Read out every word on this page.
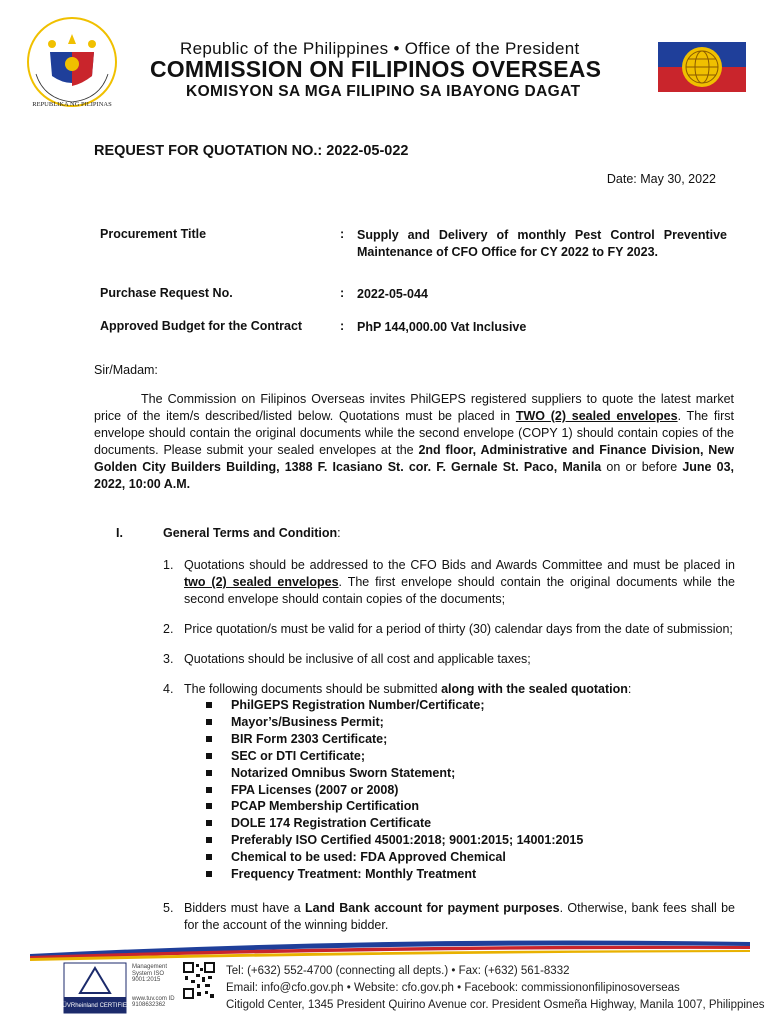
REPUBLIKA NG PILIPINAS
Republic of the Philippines • Office of the President
COMMISSION ON FILIPINOS OVERSEAS
KOMISYON SA MGA FILIPINO SA IBAYONG DAGAT
REQUEST FOR QUOTATION NO.: 2022-05-022
Date: May 30, 2022
Procurement Title	: Supply and Delivery of monthly Pest Control Preventive
Maintenance of CFO Office for CY 2022 to FY 2023.
Purchase Request No.	: 2022-05-044
Approved Budget for the Contract	: PhP 144,000.00 Vat Inclusive
Sir/Madam:
The Commission on Filipinos Overseas invites PhilGEPS registered suppliers to quote the latest market price of the item/s described/listed below. Quotations must be placed in TWO (2) sealed envelopes. The first envelope should contain the original documents while the second envelope (COPY 1) should contain copies of the documents. Please submit your sealed envelopes at the 2nd floor, Administrative and Finance Division, New Golden City Builders Building, 1388 F. Icasiano St. cor. F. Gernale St. Paco, Manila on or before June 03, 2022, 10:00 A.M.
I.	General Terms and Condition:
1. Quotations should be addressed to the CFO Bids and Awards Committee and must be placed in two (2) sealed envelopes. The first envelope should contain the original documents while the second envelope should contain copies of the documents;
2. Price quotation/s must be valid for a period of thirty (30) calendar days from the date of submission;
3. Quotations should be inclusive of all cost and applicable taxes;
4. The following documents should be submitted along with the sealed quotation:
PhilGEPS Registration Number/Certificate;
Mayor’s/Business Permit;
BIR Form 2303 Certificate;
SEC or DTI Certificate;
Notarized Omnibus Sworn Statement;
FPA Licenses (2007 or 2008)
PCAP Membership Certification
DOLE 174 Registration Certificate
Preferably ISO Certified 45001:2018; 9001:2015; 14001:2015
Chemical to be used: FDA Approved Chemical
Frequency Treatment: Monthly Treatment
5. Bidders must have a Land Bank account for payment purposes. Otherwise, bank fees shall be for the account of the winning bidder.
TÜVRheinland CERTIFIED
Management System ISO 9001:2015
www.tuv.com ID 9108632362
Tel: (+632) 552-4700 (connecting all depts.) • Fax: (+632) 561-8332
Email: info@cfo.gov.ph • Website: cfo.gov.ph • Facebook: commissiononfilipinosoverseas
Citigold Center, 1345 President Quirino Avenue cor. President Osmeña Highway, Manila 1007, Philippines
